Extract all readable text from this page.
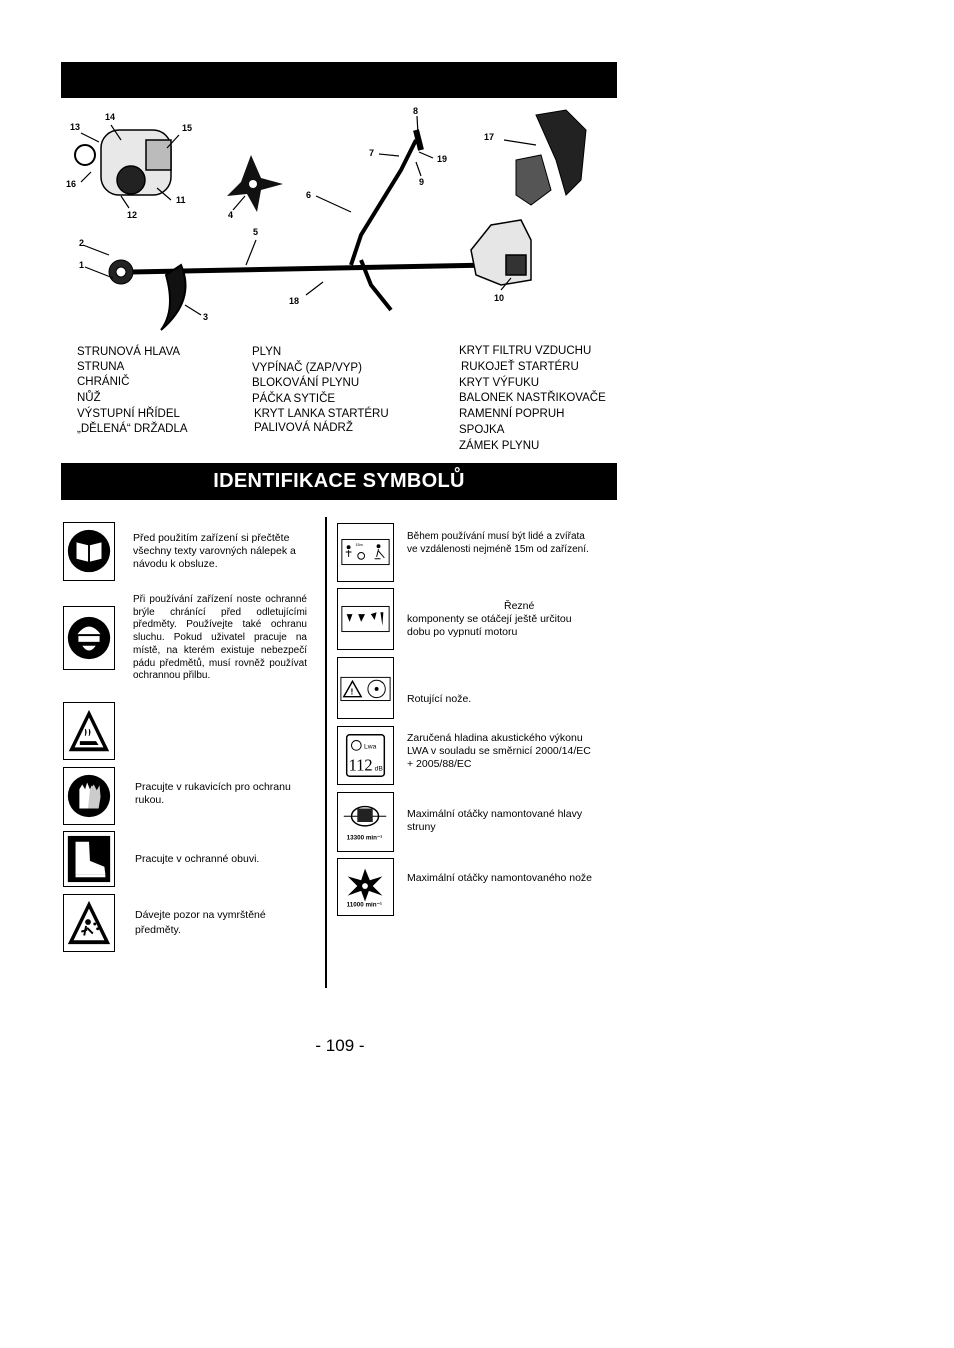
1
2
3
4
5
6
7
8
9
10
11
12
13
14
15
16
17
18
19
STRUNOVÁ HLAVA
STRUNA
CHRÁNIČ
NŮŽ
VÝSTUPNÍ HŘÍDEL
„DĚLENÁ“ DRŽADLA
PLYN
VYPÍNAČ (ZAP/VYP)
BLOKOVÁNÍ PLYNU
PÁČKA SYTIČE
KRYT LANKA STARTÉRU
PALIVOVÁ NÁDRŽ
KRYT FILTRU VZDUCHU
RUKOJEŤ STARTÉRU
KRYT VÝFUKU
BALONEK NASTŘIKOVAČE
RAMENNÍ POPRUH
SPOJKA
ZÁMEK PLYNU
IDENTIFIKACE SYMBOLŮ
Před použitím zařízení si přečtěte všechny texty varovných nálepek a návodu k obsluze.
Při používání zařízení noste ochranné brýle chránící před odletujícími předměty. Používejte také ochranu sluchu. Pokud uživatel pracuje na místě, na kterém existuje nebezpečí pádu předmětů, musí rovněž používat ochrannou přilbu.
Pracujte v rukavicích pro ochranu rukou.
Pracujte v ochranné obuvi.
Dávejte pozor na vymrštěné předměty.
15m
Během používání musí být lidé a zvířata ve vzdálenosti nejméně 15m od zařízení.
Řezné komponenty se otáčejí ještě určitou dobu po vypnutí motoru
!
Rotující nože.
Lwa
112 dB
Zaručená hladina akustického výkonu LWA v souladu se směrnicí 2000/14/EC + 2005/88/EC
13300 min⁻¹
Maximální otáčky namontované hlavy struny
11000 min⁻¹
Maximální otáčky namontovaného nože
- 109 -
